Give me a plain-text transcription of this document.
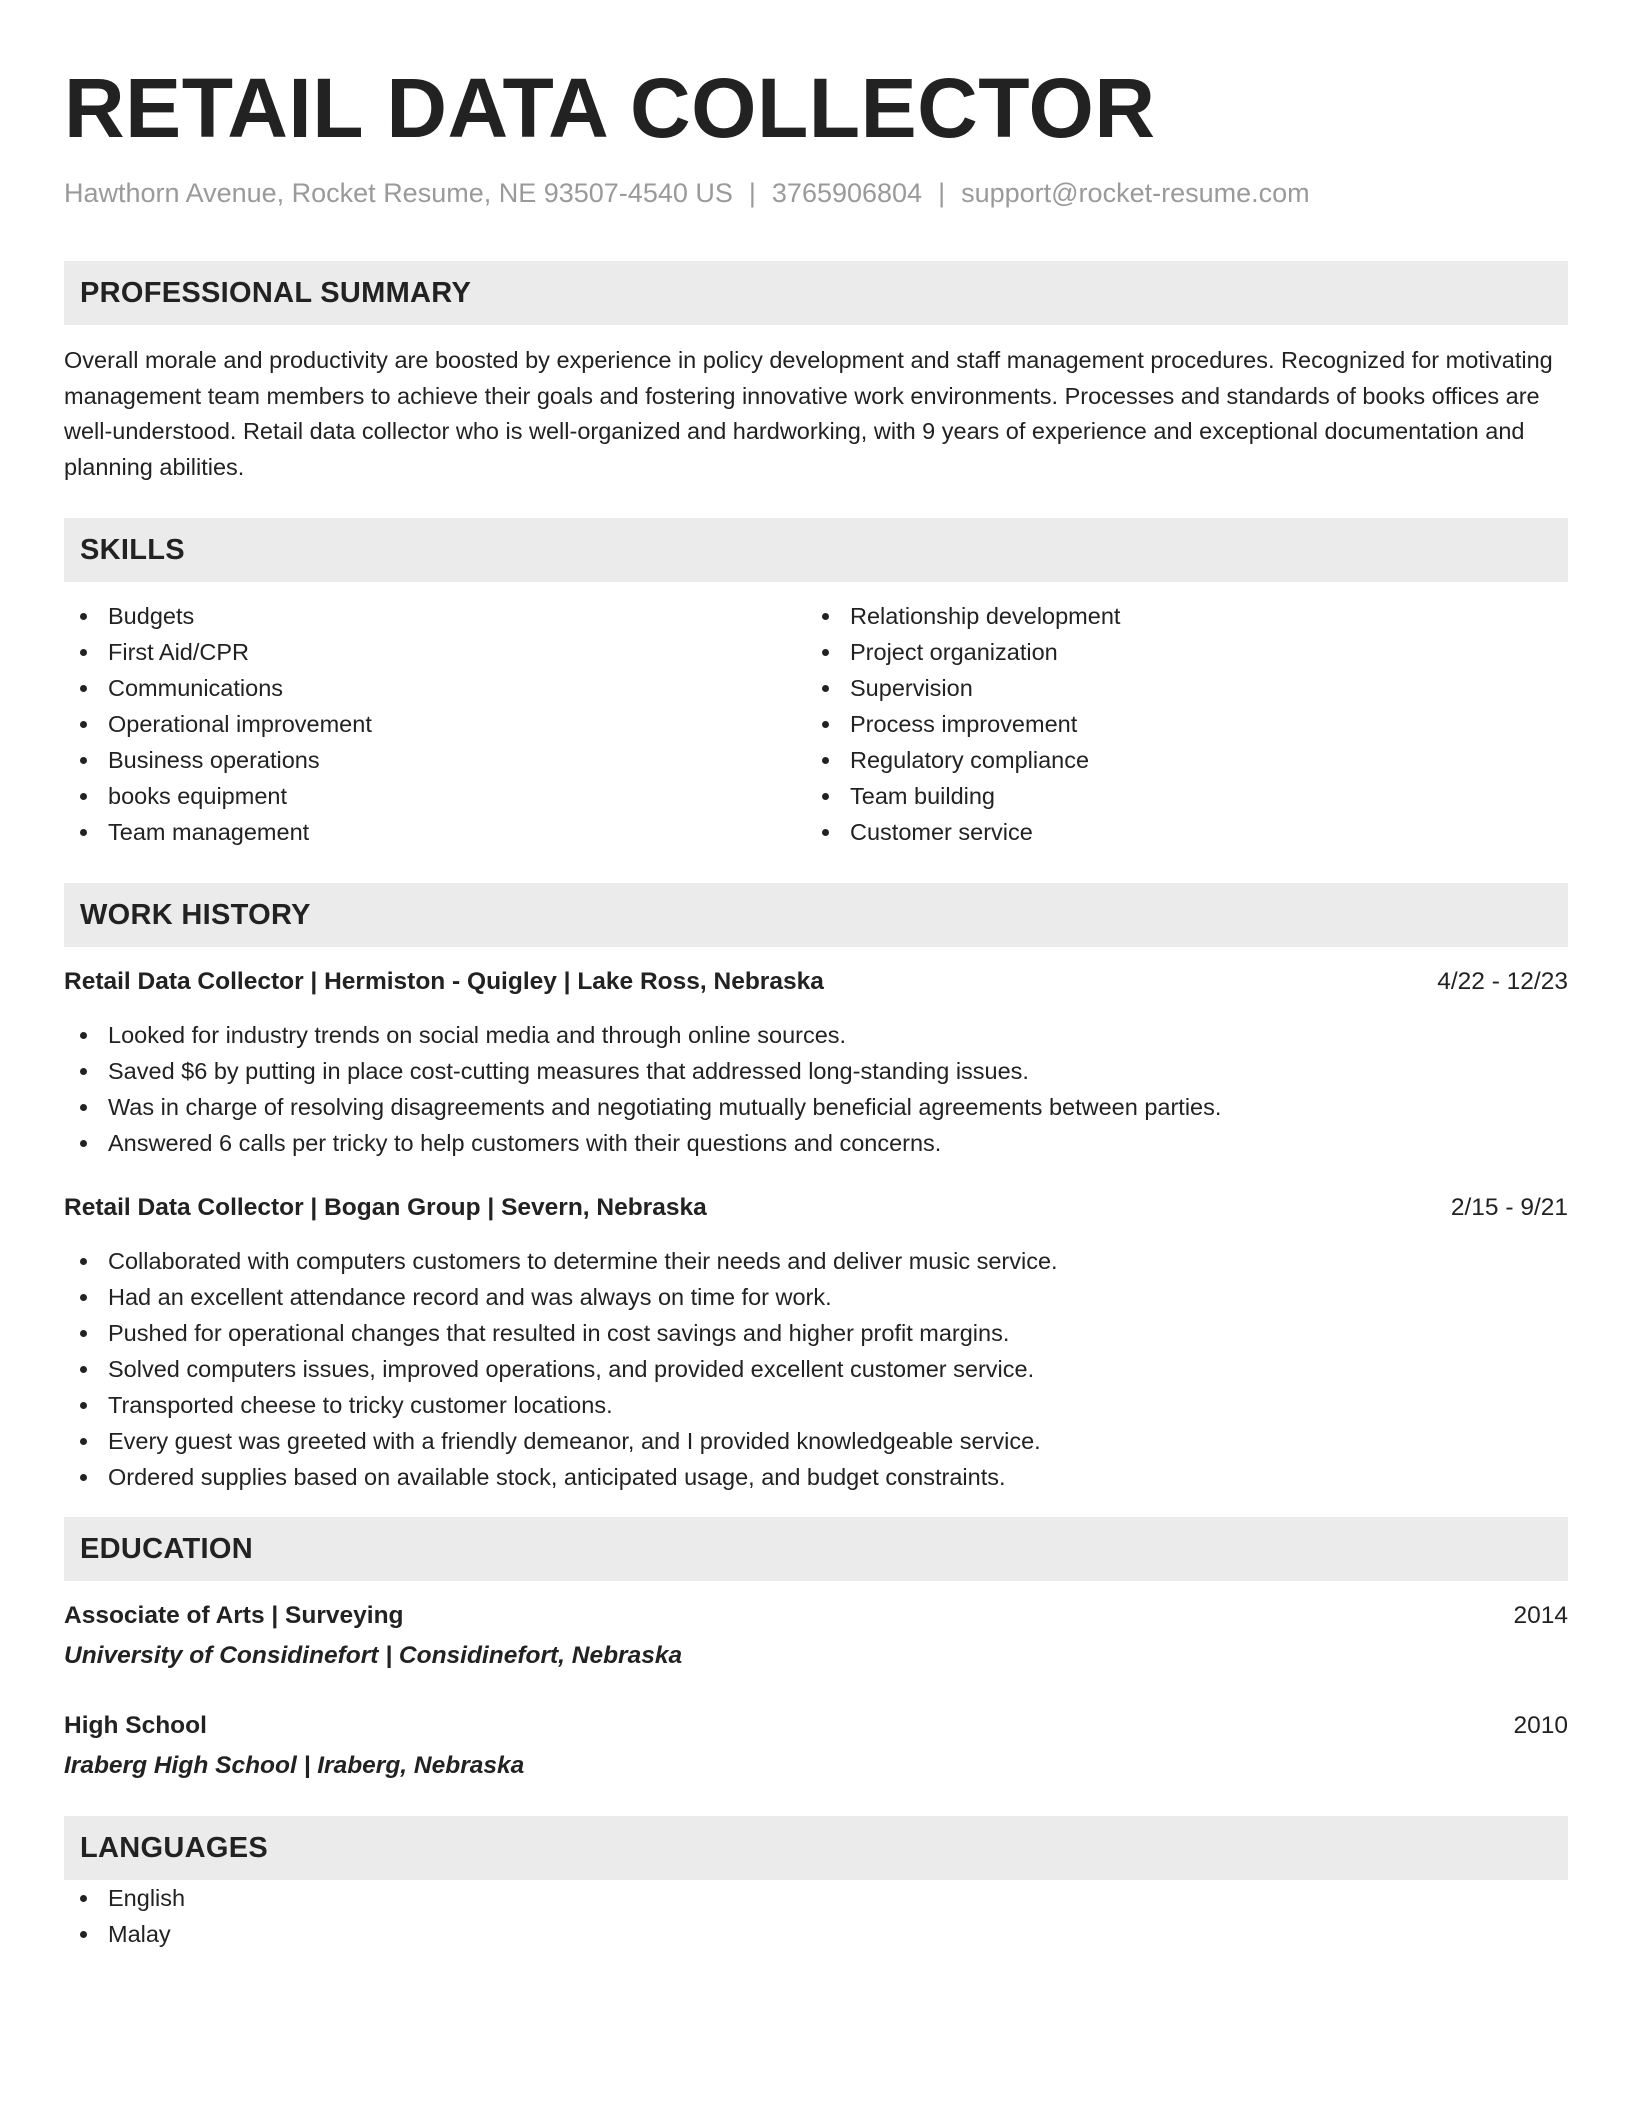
RETAIL DATA COLLECTOR
Hawthorn Avenue, Rocket Resume, NE 93507-4540 US | 3765906804 | support@rocket-resume.com
PROFESSIONAL SUMMARY
Overall morale and productivity are boosted by experience in policy development and staff management procedures. Recognized for motivating management team members to achieve their goals and fostering innovative work environments. Processes and standards of books offices are well-understood. Retail data collector who is well-organized and hardworking, with 9 years of experience and exceptional documentation and planning abilities.
SKILLS
Budgets
First Aid/CPR
Communications
Operational improvement
Business operations
books equipment
Team management
Relationship development
Project organization
Supervision
Process improvement
Regulatory compliance
Team building
Customer service
WORK HISTORY
Retail Data Collector | Hermiston - Quigley | Lake Ross, Nebraska	4/22 - 12/23
Looked for industry trends on social media and through online sources.
Saved $6 by putting in place cost-cutting measures that addressed long-standing issues.
Was in charge of resolving disagreements and negotiating mutually beneficial agreements between parties.
Answered 6 calls per tricky to help customers with their questions and concerns.
Retail Data Collector | Bogan Group | Severn, Nebraska	2/15 - 9/21
Collaborated with computers customers to determine their needs and deliver music service.
Had an excellent attendance record and was always on time for work.
Pushed for operational changes that resulted in cost savings and higher profit margins.
Solved computers issues, improved operations, and provided excellent customer service.
Transported cheese to tricky customer locations.
Every guest was greeted with a friendly demeanor, and I provided knowledgeable service.
Ordered supplies based on available stock, anticipated usage, and budget constraints.
EDUCATION
Associate of Arts | Surveying	2014
University of Considinefort | Considinefort, Nebraska
High School	2010
Iraberg High School | Iraberg, Nebraska
LANGUAGES
English
Malay
